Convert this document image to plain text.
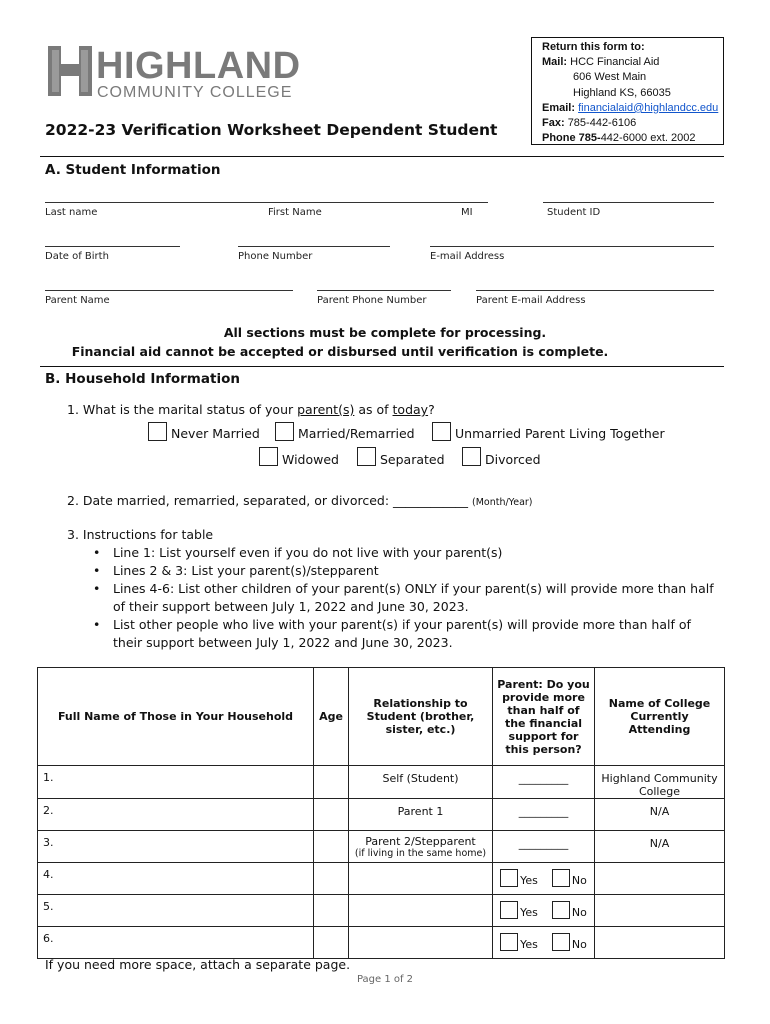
HIGHLAND
COMMUNITY COLLEGE
2022-23 Verification Worksheet Dependent Student
Return this form to:
Mail: HCC Financial Aid
606 West Main
Highland KS, 66035
Email: financialaid@highlandcc.edu
Fax: 785-442-6106
Phone 785-442-6000 ext. 2002
A. Student Information
Last name	First Name	MI	Student ID
Date of Birth	Phone Number	E-mail Address
Parent Name	Parent Phone Number	Parent E-mail Address
All sections must be complete for processing.
Financial aid cannot be accepted or disbursed until verification is complete.
B. Household Information
1. What is the marital status of your parent(s) as of today?
Never Married	Married/Remarried	Unmarried Parent Living Together
Widowed	Separated	Divorced
2. Date married, remarried, separated, or divorced: ____________ (Month/Year)
3. Instructions for table
• Line 1: List yourself even if you do not live with your parent(s)
• Lines 2 & 3: List your parent(s)/stepparent
• Lines 4-6: List other children of your parent(s) ONLY if your parent(s) will provide more than half of their support between July 1, 2022 and June 30, 2023.
• List other people who live with your parent(s) if your parent(s) will provide more than half of their support between July 1, 2022 and June 30, 2023.
Full Name of Those in Your Household	Age	Relationship to Student (brother, sister, etc.)	Parent: Do you provide more than half of the financial support for this person?	Name of College Currently Attending
1.		Self (Student)	_________	Highland Community College
2.		Parent 1	_________	N/A
3.		Parent 2/Stepparent
(if living in the same home)	_________	N/A
4.			Yes No	

5.			Yes No	

6.			Yes No	

If you need more space, attach a separate page.
Page 1 of 2
